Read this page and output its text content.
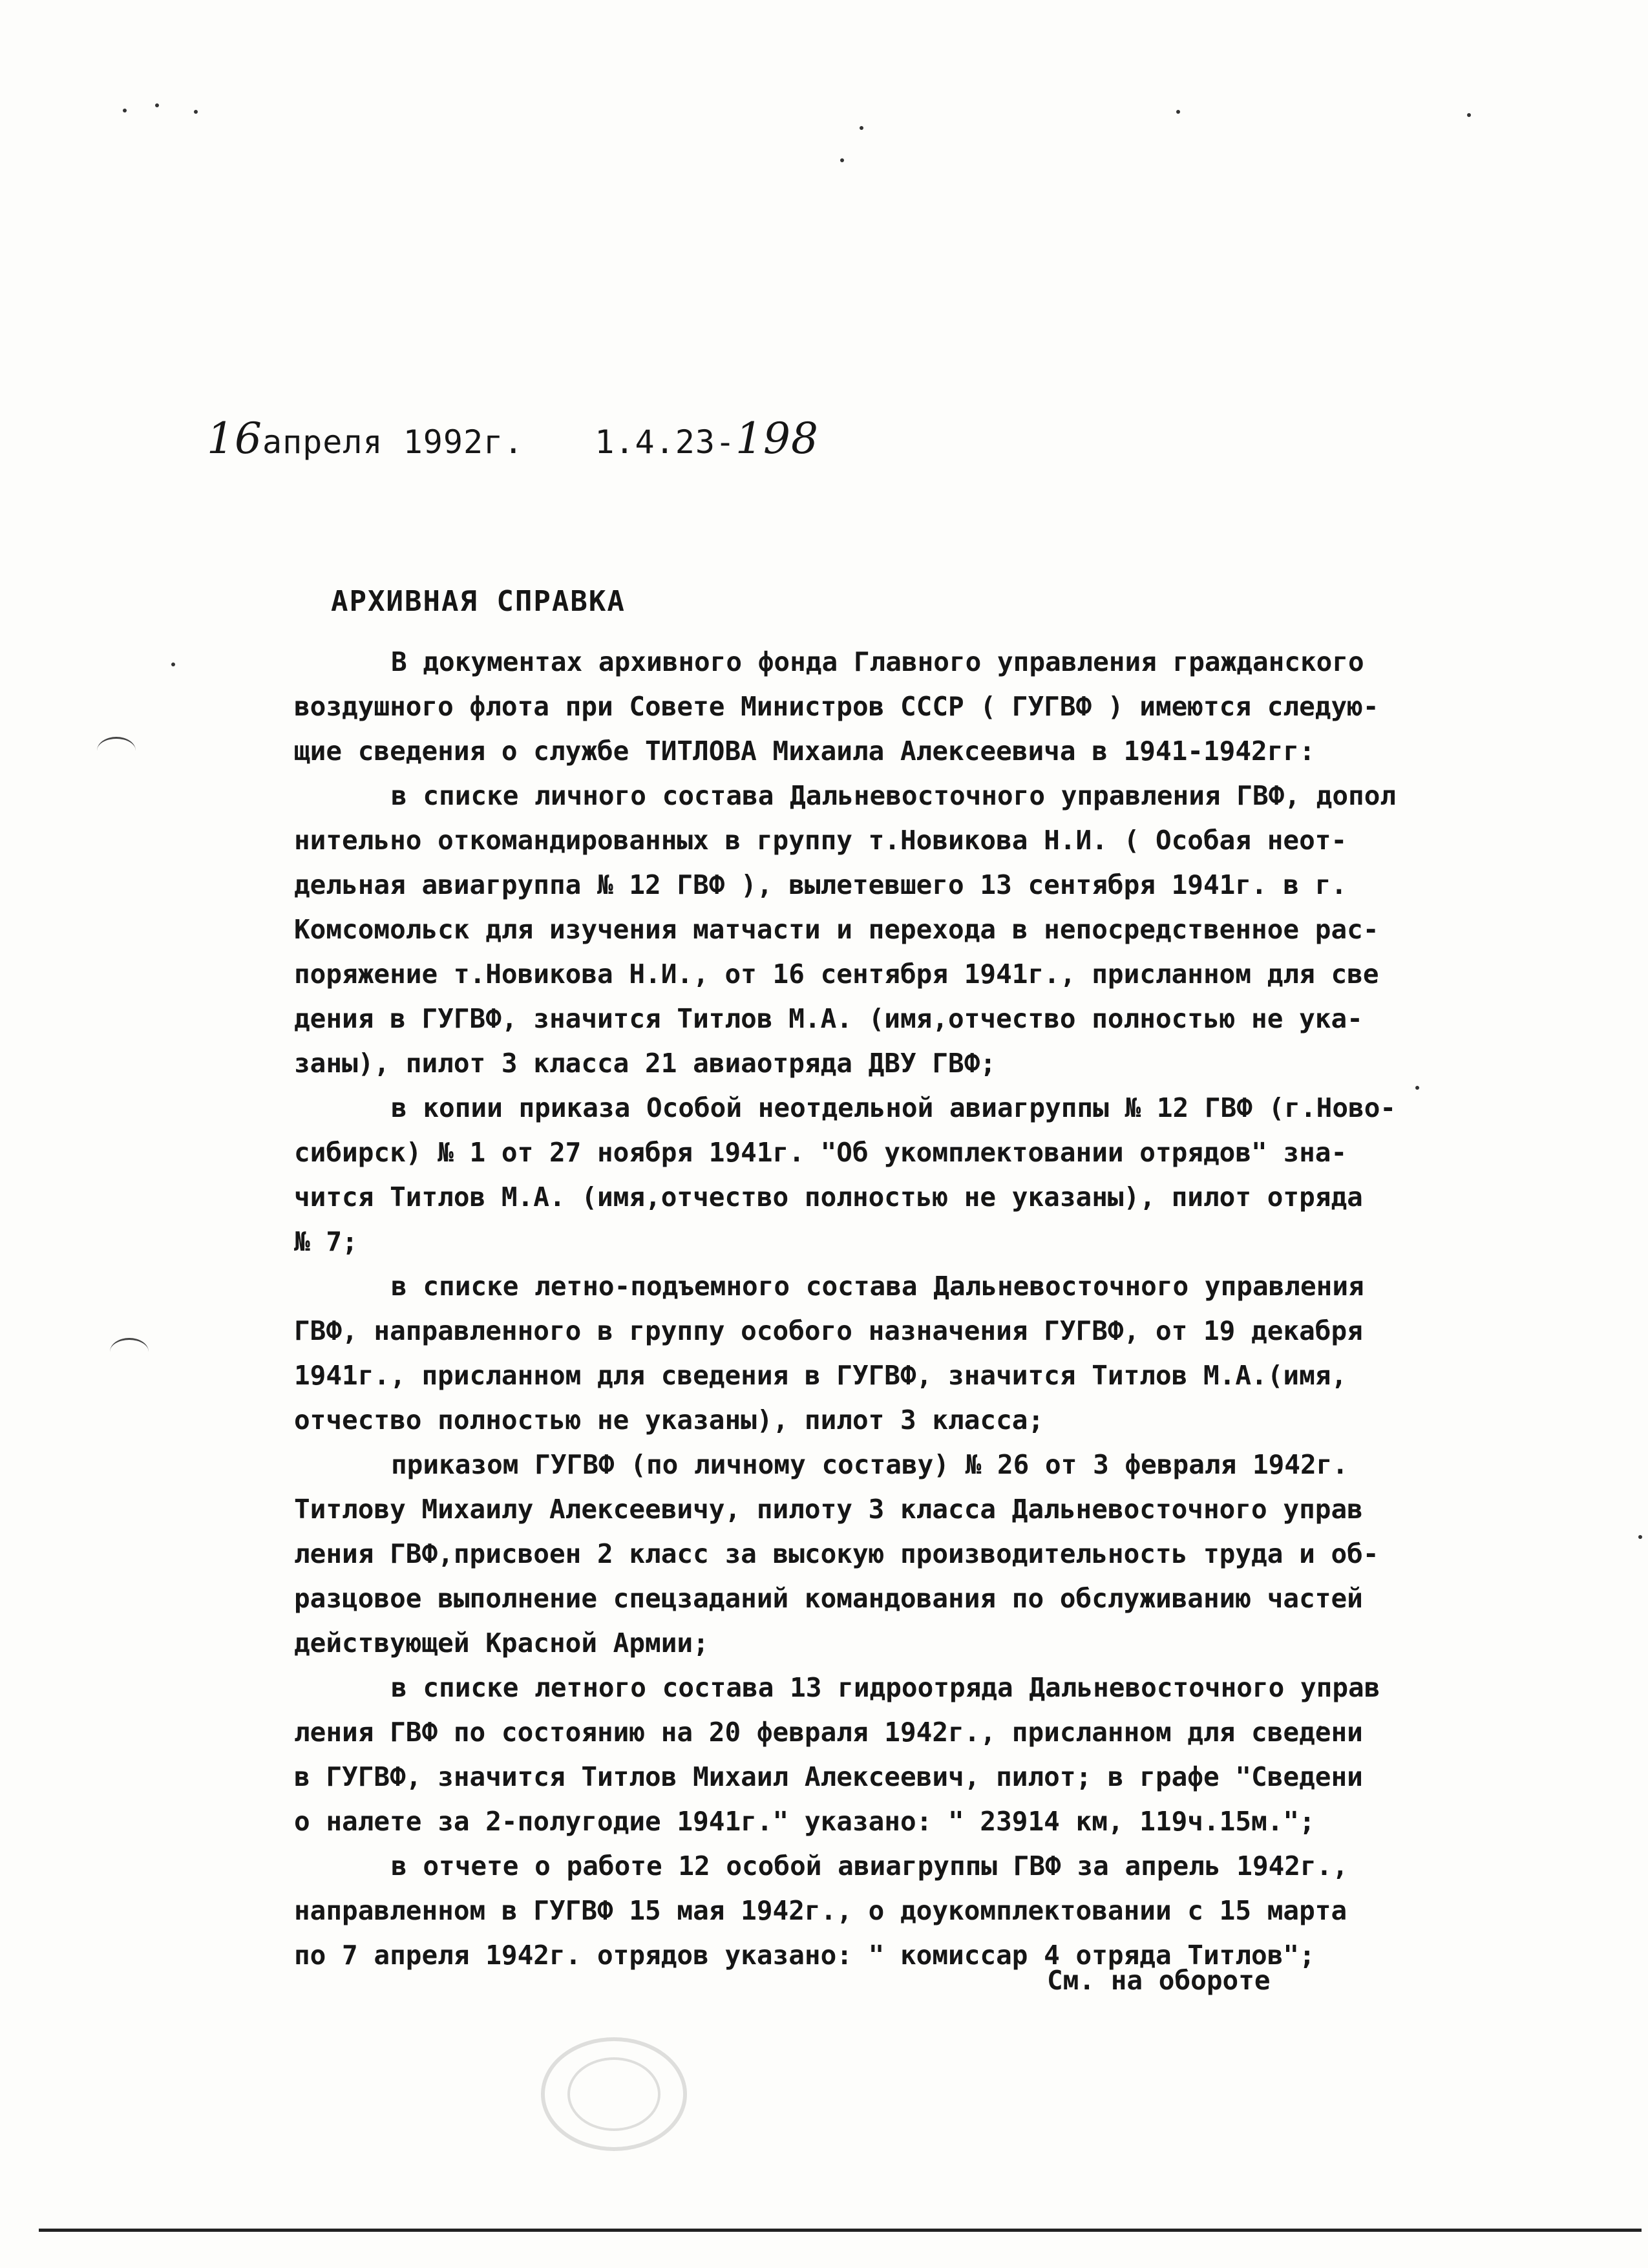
16апреля 1992г. 1.4.23-198
АРХИВНАЯ СПРАВКА
В документах архивного фонда Главного управления гражданского
воздушного флота при Совете Министров СССР ( ГУГВФ ) имеются следую-
щие сведения о службе ТИТЛОВА Михаила Алексеевича в 1941-1942гг:
в списке личного состава Дальневосточного управления ГВФ, допол
нительно откомандированных в группу т.Новикова Н.И. ( Особая неот-
дельная авиагруппа № 12 ГВФ ), вылетевшего 13 сентября 1941г. в г.
Комсомольск для изучения матчасти и перехода в непосредственное рас-
поряжение т.Новикова Н.И., от 16 сентября 1941г., присланном для све
дения в ГУГВФ, значится Титлов М.А. (имя,отчество полностью не ука-
заны), пилот 3 класса 21 авиаотряда ДВУ ГВФ;
в копии приказа Особой неотдельной авиагруппы № 12 ГВФ (г.Ново-
сибирск) № 1 от 27 ноября 1941г. "Об укомплектовании отрядов" зна-
чится Титлов М.А. (имя,отчество полностью не указаны), пилот отряда
№ 7;
в списке летно-подъемного состава Дальневосточного управления
ГВФ, направленного в группу особого назначения ГУГВФ, от 19 декабря
1941г., присланном для сведения в ГУГВФ, значится Титлов М.А.(имя,
отчество полностью не указаны), пилот 3 класса;
приказом ГУГВФ (по личному составу) № 26 от 3 февраля 1942г.
Титлову Михаилу Алексеевичу, пилоту 3 класса Дальневосточного управ
ления ГВФ,присвоен 2 класс за высокую производительность труда и об-
разцовое выполнение спецзаданий командования по обслуживанию частей
действующей Красной Армии;
в списке летного состава 13 гидроотряда Дальневосточного управ
ления ГВФ по состоянию на 20 февраля 1942г., присланном для сведени
в ГУГВФ, значится Титлов Михаил Алексеевич, пилот; в графе "Сведени
о налете за 2-полугодие 1941г." указано: " 23914 км, 119ч.15м.";
в отчете о работе 12 особой авиагруппы ГВФ за апрель 1942г.,
направленном в ГУГВФ 15 мая 1942г., о доукомплектовании с 15 марта
по 7 апреля 1942г. отрядов указано: " комиссар 4 отряда Титлов";
См. на обороте
